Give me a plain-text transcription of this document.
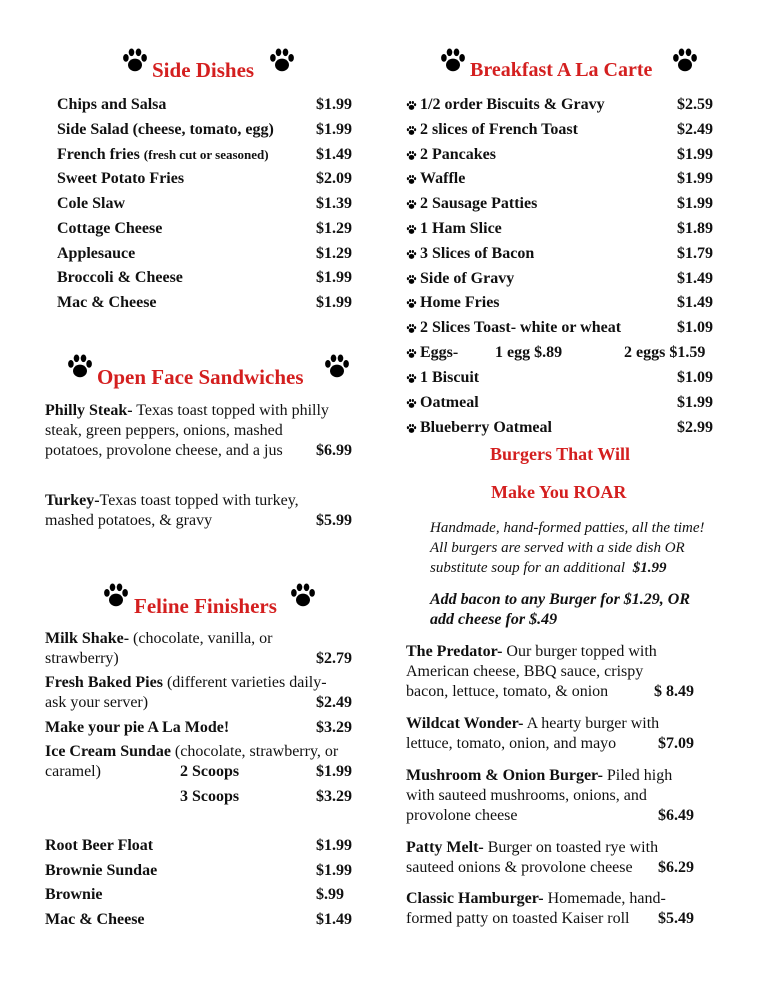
Side Dishes
Chips and Salsa	$1.99
Side Salad (cheese, tomato, egg)	$1.99
French fries (fresh cut or seasoned)	$1.49
Sweet Potato Fries	$2.09
Cole Slaw	$1.39
Cottage Cheese	$1.29
Applesauce	$1.29
Broccoli & Cheese	$1.99
Mac & Cheese	$1.99
Open Face Sandwiches
Philly Steak- Texas toast topped with philly
steak, green peppers, onions, mashed
potatoes, provolone cheese, and a jus $6.99
Turkey-Texas toast topped with turkey,
mashed potatoes, & gravy	$5.99
Feline Finishers
Milk Shake- (chocolate, vanilla, or
strawberry)	$2.79
Fresh Baked Pies (different varieties daily-
ask your server)	$2.49
Make your pie A La Mode!	$3.29
Ice Cream Sundae (chocolate, strawberry, or
caramel)	2 Scoops	$1.99
3 Scoops	$3.29
Root Beer Float	$1.99
Brownie Sundae	$1.99
Brownie	$.99
Mac & Cheese	$1.49
Breakfast A La Carte
1/2 order Biscuits & Gravy	$2.59
2 slices of French Toast	$2.49
2 Pancakes	$1.99
Waffle	$1.99
2 Sausage Patties	$1.99
1 Ham Slice	$1.89
3 Slices of Bacon	$1.79
Side of Gravy	$1.49
Home Fries	$1.49
2 Slices Toast- white or wheat	$1.09
Eggs- 1 egg $.89	2 eggs $1.59
1 Biscuit	$1.09
Oatmeal	$1.99
Blueberry Oatmeal	$2.99
Burgers That Will
Make You ROAR
Handmade, hand-formed patties, all the time!
All burgers are served with a side dish OR
substitute soup for an additional $1.99
Add bacon to any Burger for $1.29, OR
add cheese for $.49
The Predator- Our burger topped with
American cheese, BBQ sauce, crispy
bacon, lettuce, tomato, & onion	$ 8.49
Wildcat Wonder- A hearty burger with
lettuce, tomato, onion, and mayo	$7.09
Mushroom & Onion Burger- Piled high
with sauteed mushrooms, onions, and
provolone cheese	$6.49
Patty Melt- Burger on toasted rye with
sauteed onions & provolone cheese $6.29
Classic Hamburger- Homemade, hand-
formed patty on toasted Kaiser roll $5.49
